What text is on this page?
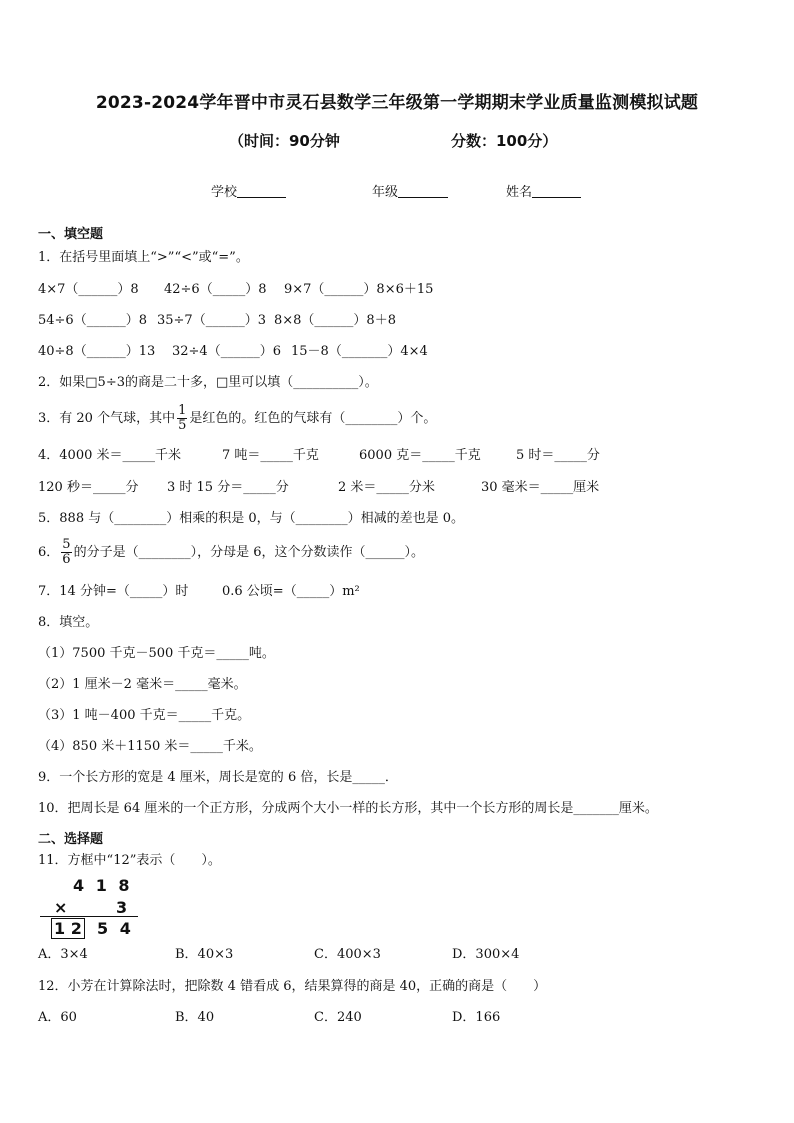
2023-2024学年晋中市灵石县数学三年级第一学期期末学业质量监测模拟试题
（时间：90分钟	分数：100分）
学校	年级	姓名
一、填空题
1．在括号里面填上“>”“<”或“=”。
4×7（______）8 42÷6（_____）8 9×7（______）8×6＋15
54÷6（______）8 35÷7（______）3 8×8（______）8＋8
40÷8（______）13 32÷4（______）6 15－8（_______）4×4
2．如果□5÷3的商是二十多，□里可以填（__________）。
3．有 20 个气球，其中 $\frac{1}{5}$ 是红色的。红色的气球有（________）个。
4．4000 米＝_____千米	7 吨＝_____千克	6000 克＝_____千克	5 时＝_____分
120 秒＝_____分 3 时 15 分＝_____分	2 米＝_____分米	30 毫米＝_____厘米
5．888 与（________）相乘的积是 0，与（________）相减的差也是 0。
6． $\frac{5}{6}$ 的分子是（________），分母是 6，这个分数读作（______）。
7．14 分钟=（_____）时	0.6 公顷=（_____）m²
8．填空。
（1）7500 千克－500 千克＝_____吨。
（2）1 厘米－2 毫米＝_____毫米。
（3）1 吨－400 千克＝_____千克。
（4）850 米＋1150 米＝_____千米。
9．一个长方形的宽是 4 厘米，周长是宽的 6 倍，长是_____．
10．把周长是 64 厘米的一个正方形，分成两个大小一样的长方形，其中一个长方形的周长是_______厘米。
二、选择题
11．方框中“12”表示（　　）。
4 1 8
×	3
1 2 5 4
A．3×4	B．40×3	C．400×3	D．300×4
12．小芳在计算除法时，把除数 4 错看成 6，结果算得的商是 40，正确的商是（　　）
A．60	B．40	C．240	D．166
